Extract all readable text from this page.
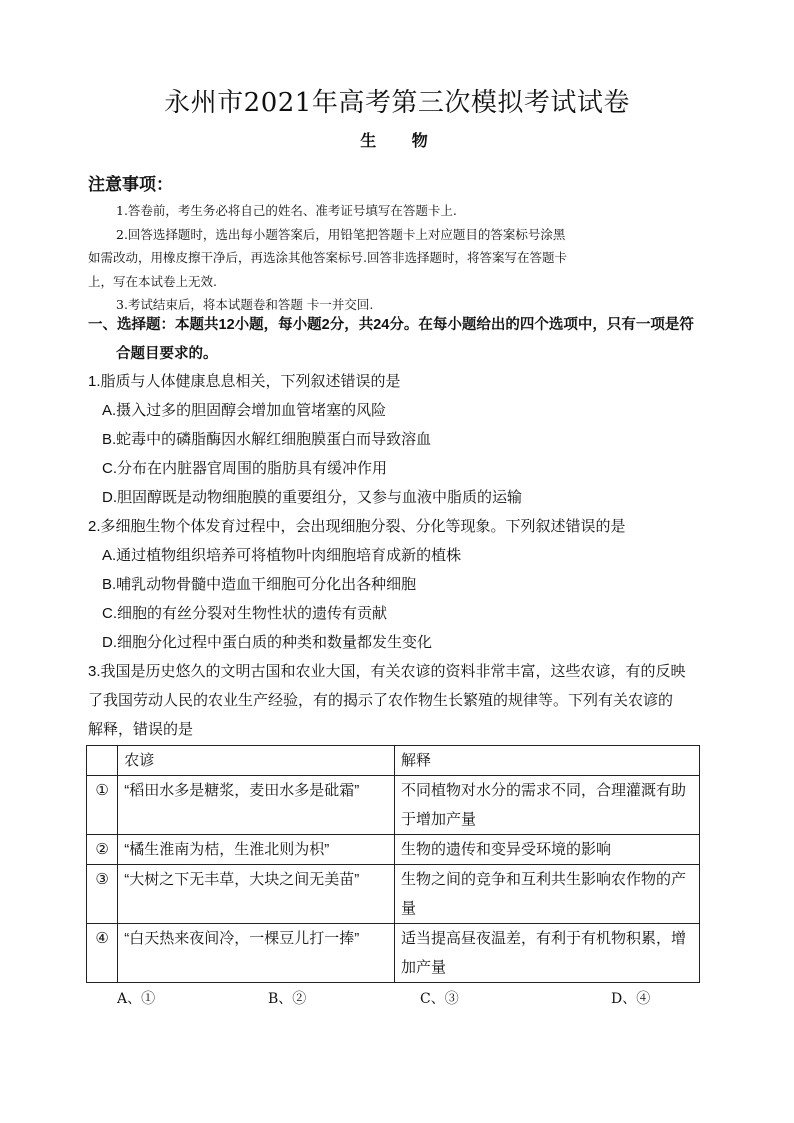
永州市2021年高考第三次模拟考试试卷
生 物
注意事项：

1.答卷前，考生务必将自己的姓名、准考证号填写在答题卡上.

2.回答选择题时，选出每小题答案后，用铅笔把答题卡上对应题目的答案标号涂黑

如需改动，用橡皮擦干净后，再选涂其他答案标号.回答非选择题时，将答案写在答题卡

上，写在本试卷上无效.

3.考试结束后，将本试题卷和答题 卡一并交回.

一、选择题：本题共12小题，每小题2分，共24分。在每小题给出的四个选项中，只有一项是符
合题目要求的。
1.脂质与人体健康息息相关，下列叙述错误的是
A.摄入过多的胆固醇会增加血管堵塞的风险
B.蛇毒中的磷脂酶因水解红细胞膜蛋白而导致溶血
C.分布在内脏器官周围的脂肪具有缓冲作用
D.胆固醇既是动物细胞膜的重要组分，又参与血液中脂质的运输
2.多细胞生物个体发育过程中，会出现细胞分裂、分化等现象。下列叙述错误的是
A.通过植物组织培养可将植物叶肉细胞培育成新的植株
B.哺乳动物骨髓中造血干细胞可分化出各种细胞
C.细胞的有丝分裂对生物性状的遗传有贡献
D.细胞分化过程中蛋白质的种类和数量都发生变化
3.我国是历史悠久的文明古国和农业大国，有关农谚的资料非常丰富，这些农谚，有的反映
了我国劳动人民的农业生产经验，有的揭示了农作物生长繁殖的规律等。下列有关农谚的
解释，错误的是
	农谚	解释
①	“稻田水多是糖浆，麦田水多是砒霜”	不同植物对水分的需求不同，合理灌溉有助于增加产量
②	“橘生淮南为桔，生淮北则为枳”	生物的遗传和变异受环境的影响
③	“大树之下无丰草，大块之间无美苗”	生物之间的竞争和互利共生影响农作物的产量
④	“白天热来夜间冷，一棵豆儿打一捧”	适当提高昼夜温差，有利于有机物积累，增加产量
A、①	B、②	C、③	D、④
